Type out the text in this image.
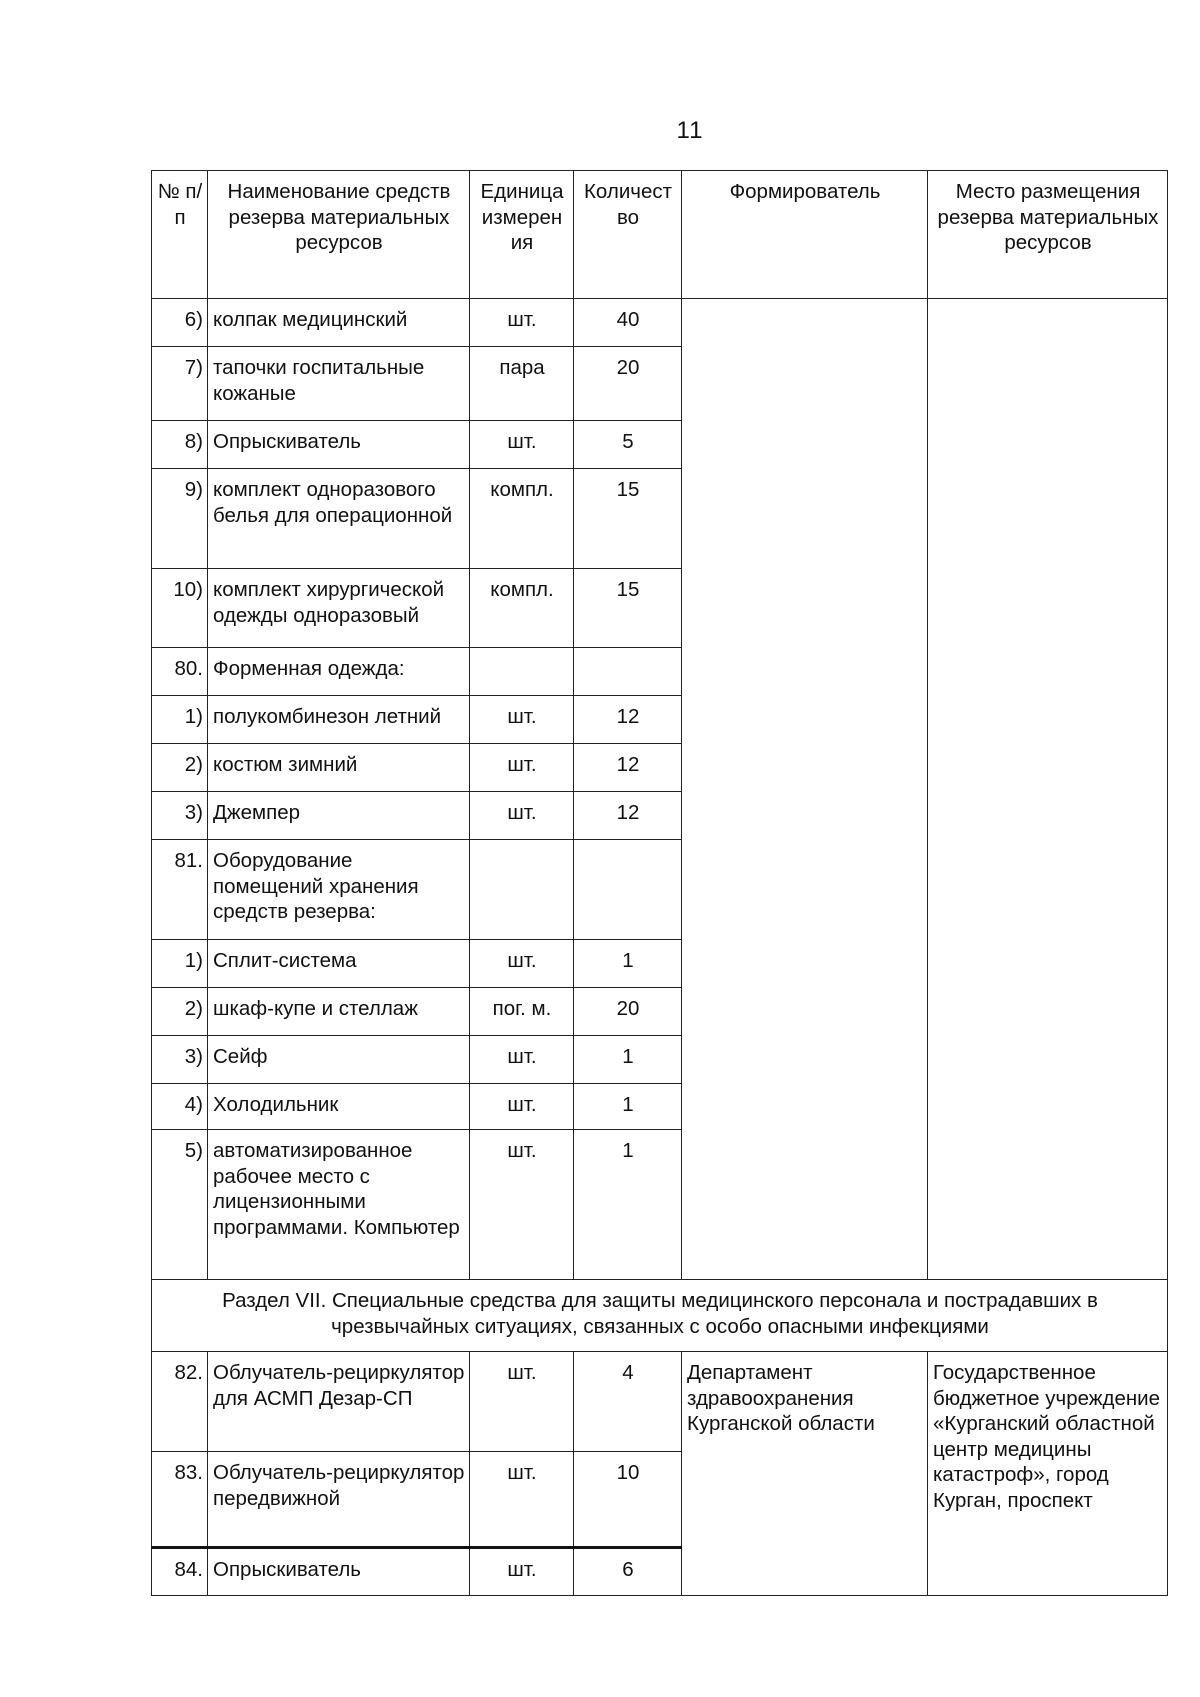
11
№ п/п	Наименование средств резерва материальных ресурсов	Единица измерен ия	Количест во	Формирователь	Место размещения резерва материальных ресурсов
6)	колпак медицинский	шт.	40		
7)	тапочки госпитальные кожаные	пара	20		
8)	Опрыскиватель	шт.	5		
9)	комплект одноразового белья для операционной	компл.	15		
10)	комплект хирургической одежды одноразовый	компл.	15		
80.	Форменная одежда:				
1)	полукомбинезон летний	шт.	12		
2)	костюм зимний	шт.	12		
3)	Джемпер	шт.	12		
81.	Оборудование помещений хранения средств резерва:				
1)	Сплит-система	шт.	1		
2)	шкаф-купе и стеллаж	пог. м.	20		
3)	Сейф	шт.	1		
4)	Холодильник	шт.	1		
5)	автоматизированное рабочее место с лицензионными программами. Компьютер	шт.	1		
Раздел VII. Специальные средства для защиты медицинского персонала и пострадавших в чрезвычайных ситуациях, связанных с особо опасными инфекциями					
82.	Облучатель-рециркулятор для АСМП Дезар-СП	шт.	4	Департамент здравоохранения Курганской области	Государственное бюджетное учреждение «Курганский областной центр медицины катастроф», город Курган, проспект
83.	Облучатель-рециркулятор передвижной	шт.	10		
84.	Опрыскиватель	шт.	6		
